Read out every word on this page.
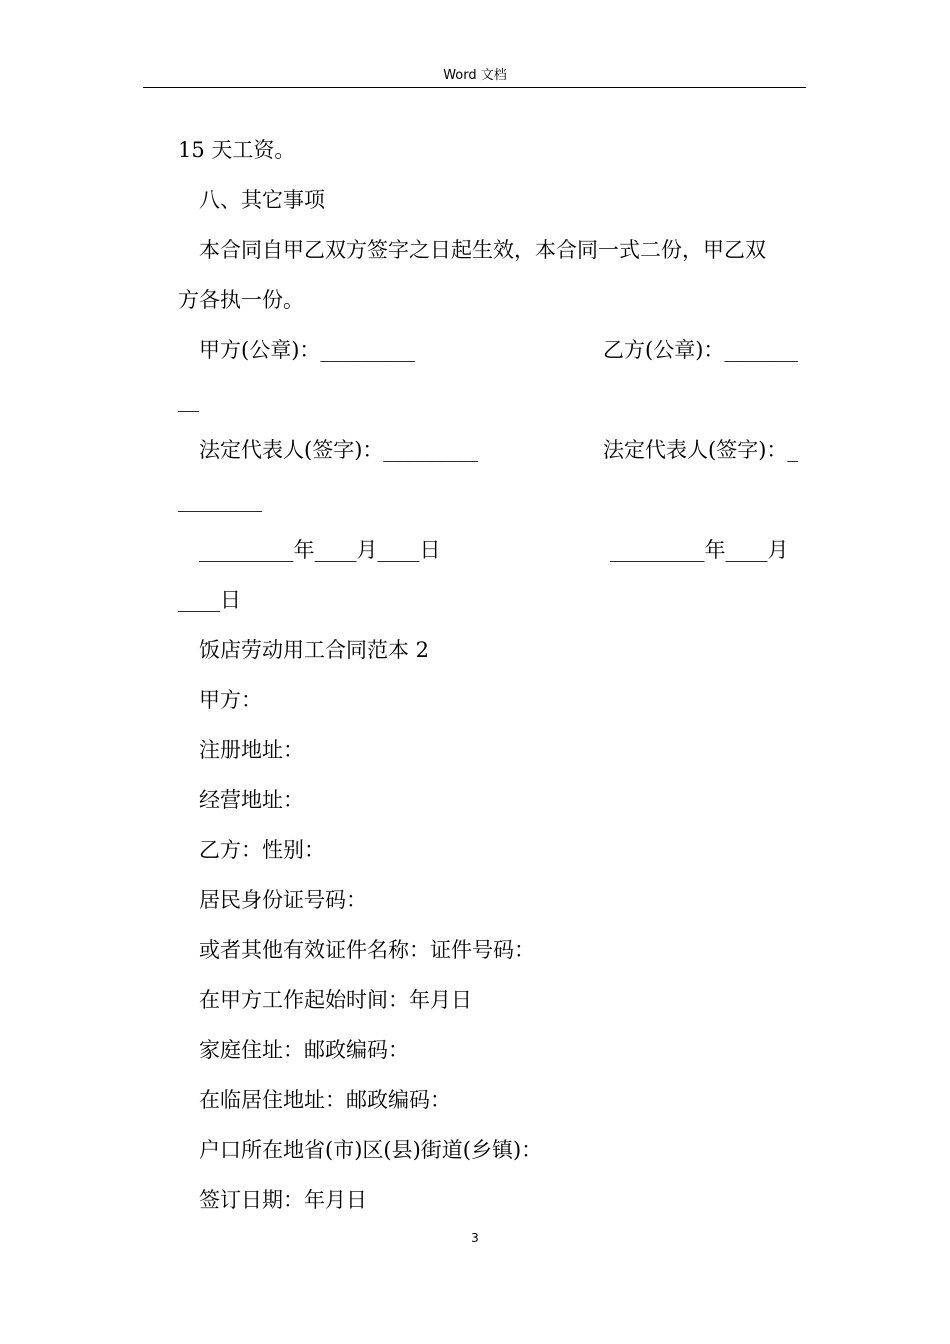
Word 文档
15 天工资。
八、其它事项
本合同自甲乙双方签字之日起生效，本合同一式二份，甲乙双
方各执一份。
甲方(公章)：_________	乙方(公章)：_______
__
法定代表人(签字)：_________	法定代表人(签字)：_
________
_________年____月____日	_________年____月
____日
饭店劳动用工合同范本 2
甲方：
注册地址：
经营地址：
乙方：性别：
居民身份证号码：
或者其他有效证件名称：证件号码：
在甲方工作起始时间：年月日
家庭住址：邮政编码：
在临居住地址：邮政编码：
户口所在地省(市)区(县)街道(乡镇)：
签订日期：年月日
3
